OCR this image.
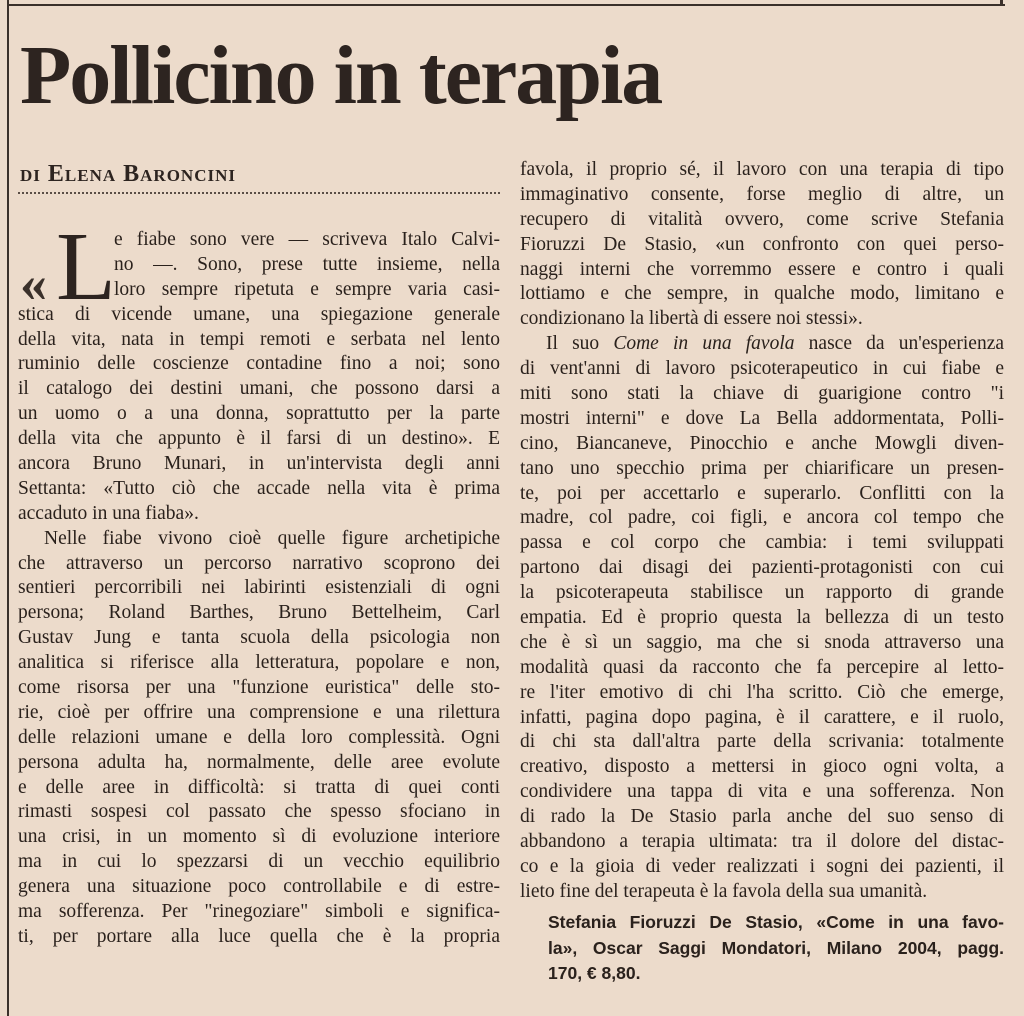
Pollicino in terapia
di Elena Baroncini
« L
e fiabe sono vere — scriveva Italo Calvi-
no —. Sono, prese tutte insieme, nella
loro sempre ripetuta e sempre varia casi-
stica di vicende umane, una spiegazione generale
della vita, nata in tempi remoti e serbata nel lento
ruminio delle coscienze contadine fino a noi; sono
il catalogo dei destini umani, che possono darsi a
un uomo o a una donna, soprattutto per la parte
della vita che appunto è il farsi di un destino». E
ancora Bruno Munari, in un'intervista degli anni
Settanta: «Tutto ciò che accade nella vita è prima
accaduto in una fiaba».
Nelle fiabe vivono cioè quelle figure archetipiche
che attraverso un percorso narrativo scoprono dei
sentieri percorribili nei labirinti esistenziali di ogni
persona; Roland Barthes, Bruno Bettelheim, Carl
Gustav Jung e tanta scuola della psicologia non
analitica si riferisce alla letteratura, popolare e non,
come risorsa per una "funzione euristica" delle sto-
rie, cioè per offrire una comprensione e una rilettura
delle relazioni umane e della loro complessità. Ogni
persona adulta ha, normalmente, delle aree evolute
e delle aree in difficoltà: si tratta di quei conti
rimasti sospesi col passato che spesso sfociano in
una crisi, in un momento sì di evoluzione interiore
ma in cui lo spezzarsi di un vecchio equilibrio
genera una situazione poco controllabile e di estre-
ma sofferenza. Per "rinegoziare" simboli e significa-
ti, per portare alla luce quella che è la propria
favola, il proprio sé, il lavoro con una terapia di tipo
immaginativo consente, forse meglio di altre, un
recupero di vitalità ovvero, come scrive Stefania
Fioruzzi De Stasio, «un confronto con quei perso-
naggi interni che vorremmo essere e contro i quali
lottiamo e che sempre, in qualche modo, limitano e
condizionano la libertà di essere noi stessi».
Il suo Come in una favola nasce da un'esperienza
di vent'anni di lavoro psicoterapeutico in cui fiabe e
miti sono stati la chiave di guarigione contro "i
mostri interni" e dove La Bella addormentata, Polli-
cino, Biancaneve, Pinocchio e anche Mowgli diven-
tano uno specchio prima per chiarificare un presen-
te, poi per accettarlo e superarlo. Conflitti con la
madre, col padre, coi figli, e ancora col tempo che
passa e col corpo che cambia: i temi sviluppati
partono dai disagi dei pazienti-protagonisti con cui
la psicoterapeuta stabilisce un rapporto di grande
empatia. Ed è proprio questa la bellezza di un testo
che è sì un saggio, ma che si snoda attraverso una
modalità quasi da racconto che fa percepire al letto-
re l'iter emotivo di chi l'ha scritto. Ciò che emerge,
infatti, pagina dopo pagina, è il carattere, e il ruolo,
di chi sta dall'altra parte della scrivania: totalmente
creativo, disposto a mettersi in gioco ogni volta, a
condividere una tappa di vita e una sofferenza. Non
di rado la De Stasio parla anche del suo senso di
abbandono a terapia ultimata: tra il dolore del distac-
co e la gioia di veder realizzati i sogni dei pazienti, il
lieto fine del terapeuta è la favola della sua umanità.
Stefania Fioruzzi De Stasio, «Come in una favo-
la», Oscar Saggi Mondatori, Milano 2004, pagg.
170, € 8,80.
